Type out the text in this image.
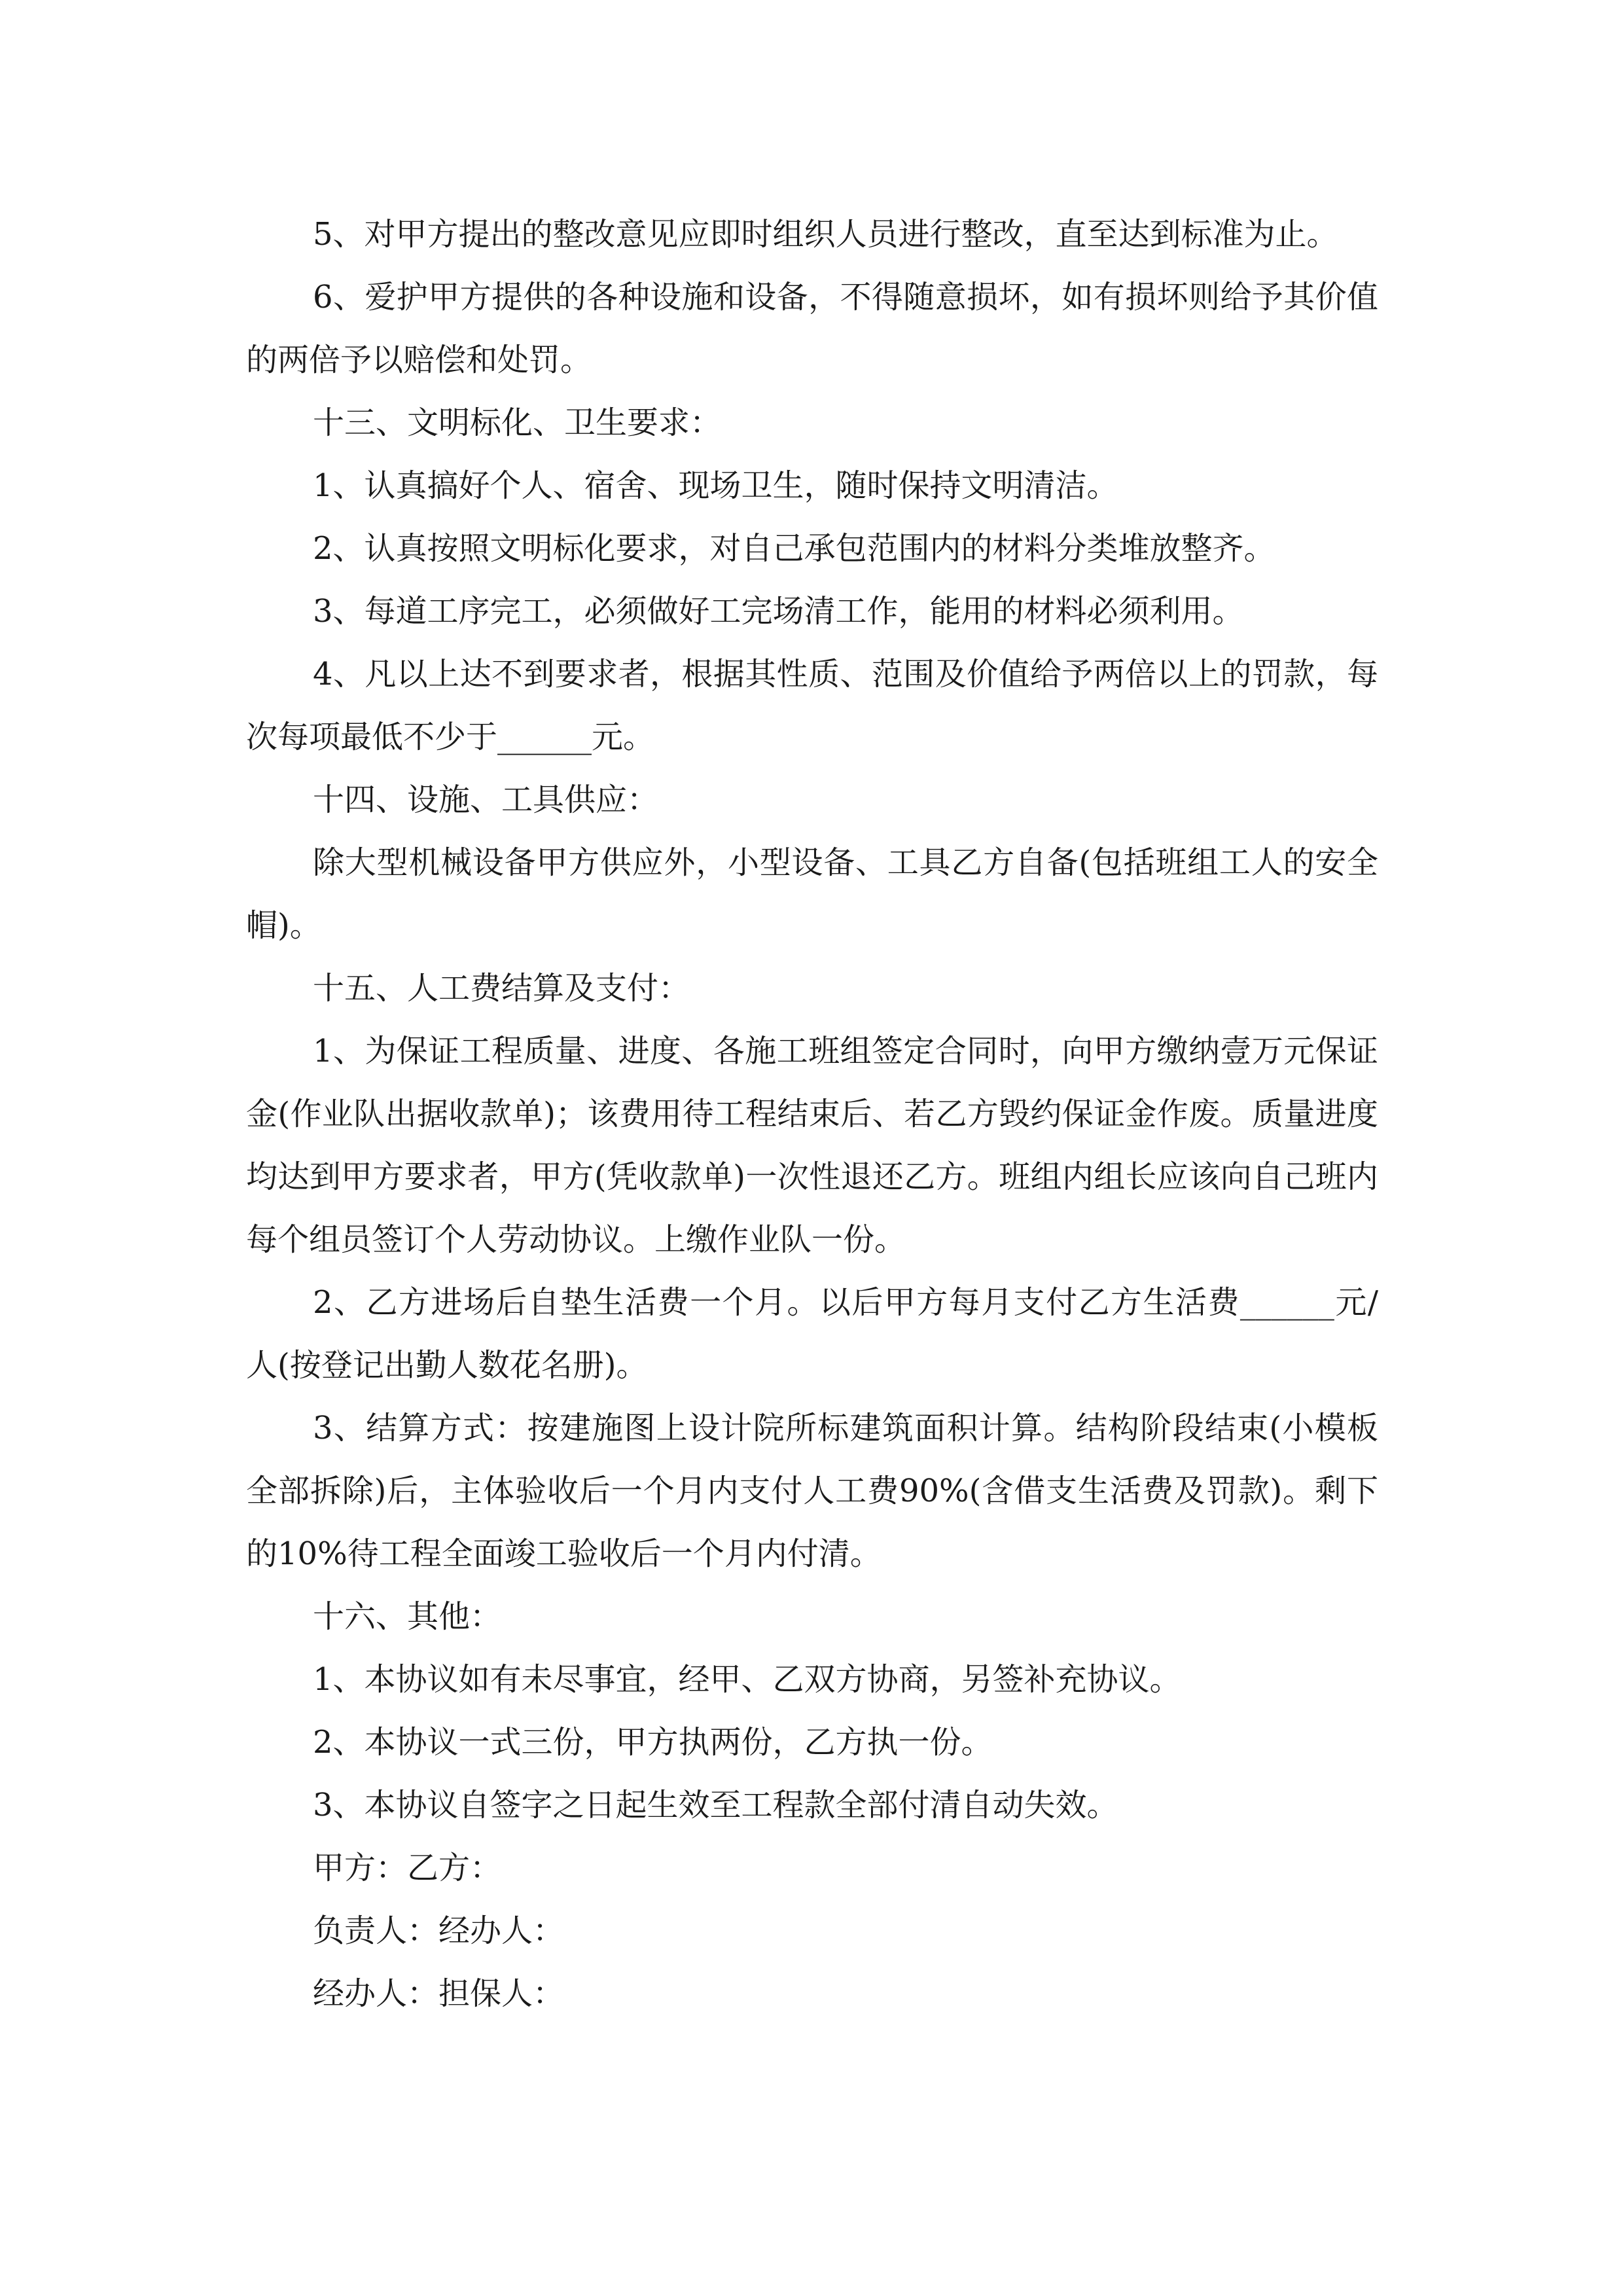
5、对甲方提出的整改意见应即时组织人员进行整改，直至达到标准为止。

6、爱护甲方提供的各种设施和设备，不得随意损坏，如有损坏则给予其价值的两倍予以赔偿和处罚。

十三、文明标化、卫生要求：

1、认真搞好个人、宿舍、现场卫生，随时保持文明清洁。

2、认真按照文明标化要求，对自己承包范围内的材料分类堆放整齐。

3、每道工序完工，必须做好工完场清工作，能用的材料必须利用。

4、凡以上达不到要求者，根据其性质、范围及价值给予两倍以上的罚款，每次每项最低不少于______元。

十四、设施、工具供应：

除大型机械设备甲方供应外，小型设备、工具乙方自备(包括班组工人的安全帽)。

十五、人工费结算及支付：

1、为保证工程质量、进度、各施工班组签定合同时，向甲方缴纳壹万元保证金(作业队出据收款单)；该费用待工程结束后、若乙方毁约保证金作废。质量进度均达到甲方要求者，甲方(凭收款单)一次性退还乙方。班组内组长应该向自己班内每个组员签订个人劳动协议。上缴作业队一份。

2、乙方进场后自垫生活费一个月。以后甲方每月支付乙方生活费______元/人(按登记出勤人数花名册)。

3、结算方式：按建施图上设计院所标建筑面积计算。结构阶段结束(小模板全部拆除)后，主体验收后一个月内支付人工费90%(含借支生活费及罚款)。剩下的10%待工程全面竣工验收后一个月内付清。

十六、其他：

1、本协议如有未尽事宜，经甲、乙双方协商，另签补充协议。

2、本协议一式三份，甲方执两份，乙方执一份。

3、本协议自签字之日起生效至工程款全部付清自动失效。

甲方：乙方：

负责人：经办人：

经办人：担保人：
